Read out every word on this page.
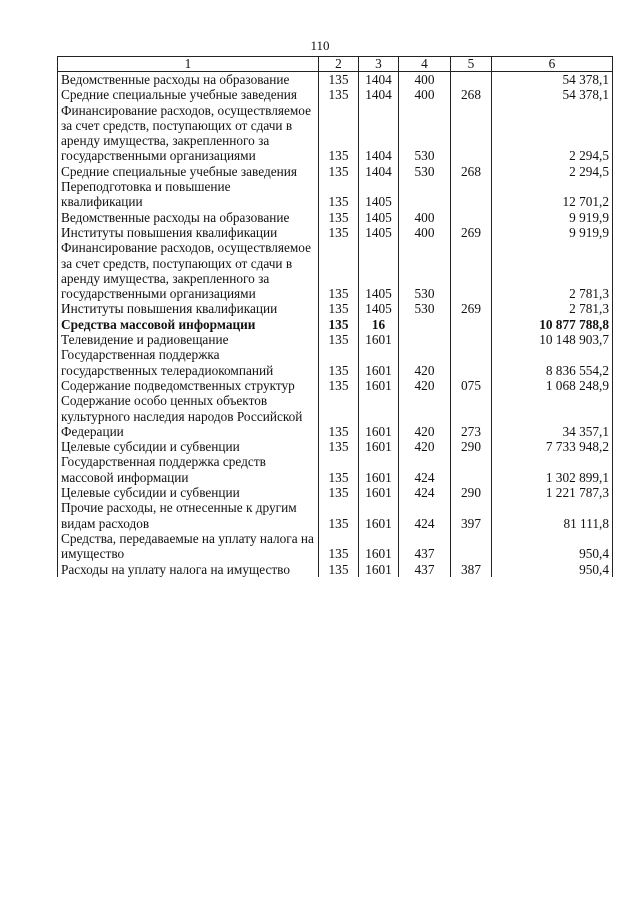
110
1	2	3	4	5	6
Ведомственные расходы на образование	135	1404	400		54 378,1
Средние специальные учебные заведения	135	1404	400	268	54 378,1
Финансирование расходов, осуществляемое за счет средств, поступающих от сдачи в аренду имущества, закрепленного за государственными организациями	135	1404	530		2 294,5
Средние специальные учебные заведения	135	1404	530	268	2 294,5
Переподготовка и повышение квалификации	135	1405			12 701,2
Ведомственные расходы на образование	135	1405	400		9 919,9
Институты повышения квалификации	135	1405	400	269	9 919,9
Финансирование расходов, осуществляемое за счет средств, поступающих от сдачи в аренду имущества, закрепленного за государственными организациями	135	1405	530		2 781,3
Институты повышения квалификации	135	1405	530	269	2 781,3
Средства массовой информации	135	16			10 877 788,8
Телевидение и радиовещание	135	1601			10 148 903,7
Государственная поддержка государственных телерадиокомпаний	135	1601	420		8 836 554,2
Содержание подведомственных структур	135	1601	420	075	1 068 248,9
Содержание особо ценных объектов культурного наследия народов Российской Федерации	135	1601	420	273	34 357,1
Целевые субсидии и субвенции	135	1601	420	290	7 733 948,2
Государственная поддержка средств массовой информации	135	1601	424		1 302 899,1
Целевые субсидии и субвенции	135	1601	424	290	1 221 787,3
Прочие расходы, не отнесенные к другим видам расходов	135	1601	424	397	81 111,8
Средства, передаваемые на уплату налога на имущество	135	1601	437		950,4
Расходы на уплату налога на имущество	135	1601	437	387	950,4
